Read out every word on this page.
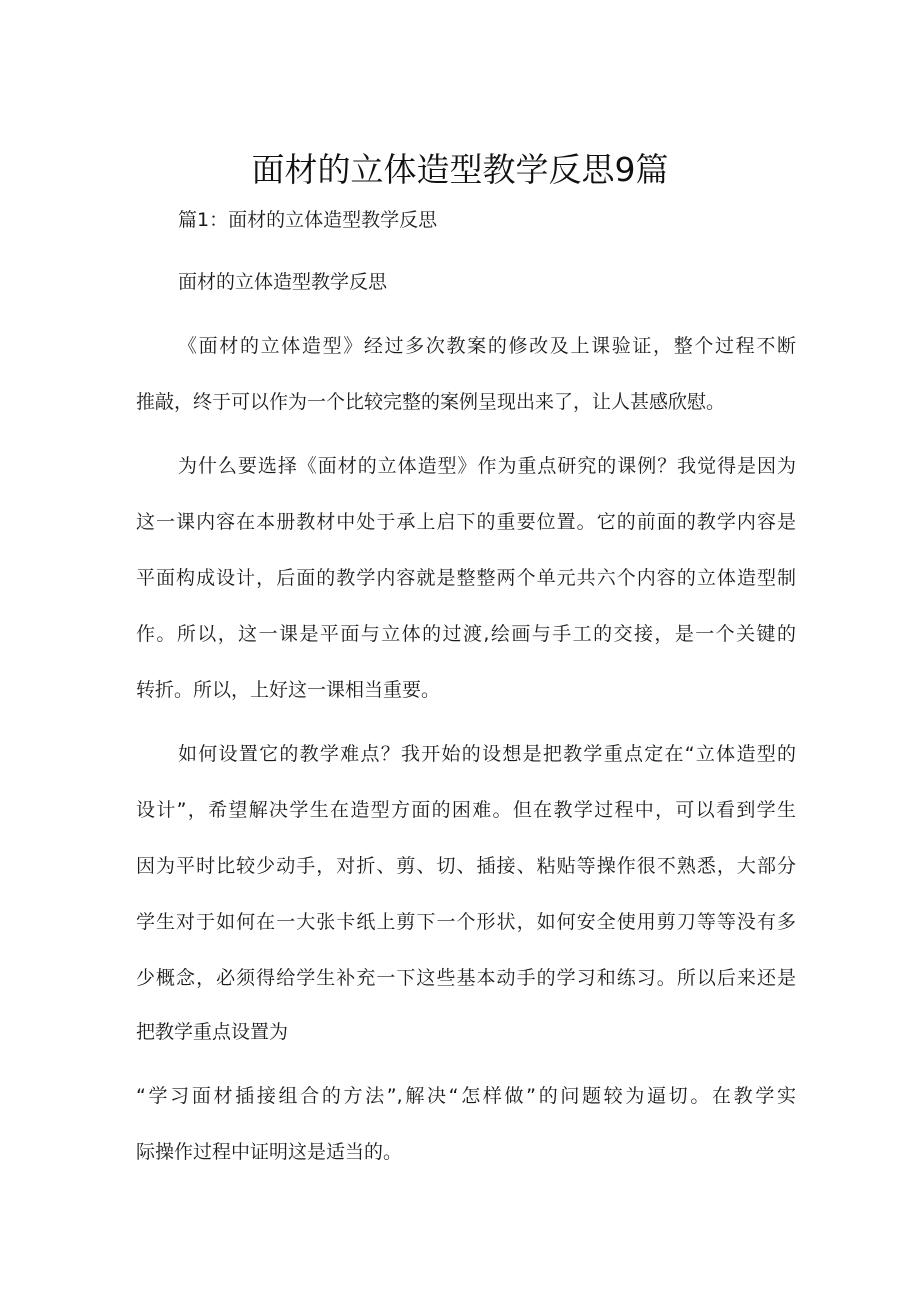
面材的立体造型教学反思9篇
篇1：面材的立体造型教学反思
面材的立体造型教学反思
《面材的立体造型》经过多次教案的修改及上课验证，整个过程不断
推敲，终于可以作为一个比较完整的案例呈现出来了，让人甚感欣慰。
为什么要选择《面材的立体造型》作为重点研究的课例？我觉得是因为
这一课内容在本册教材中处于承上启下的重要位置。它的前面的教学内容是
平面构成设计，后面的教学内容就是整整两个单元共六个内容的立体造型制
作。所以，这一课是平面与立体的过渡,绘画与手工的交接，是一个关键的
转折。所以，上好这一课相当重要。
如何设置它的教学难点？我开始的设想是把教学重点定在“立体造型的
设计”，希望解决学生在造型方面的困难。但在教学过程中，可以看到学生
因为平时比较少动手，对折、剪、切、插接、粘贴等操作很不熟悉，大部分
学生对于如何在一大张卡纸上剪下一个形状，如何安全使用剪刀等等没有多
少概念，必须得给学生补充一下这些基本动手的学习和练习。所以后来还是
把教学重点设置为
“学习面材插接组合的方法”,解决“怎样做”的问题较为逼切。在教学实
际操作过程中证明这是适当的。
